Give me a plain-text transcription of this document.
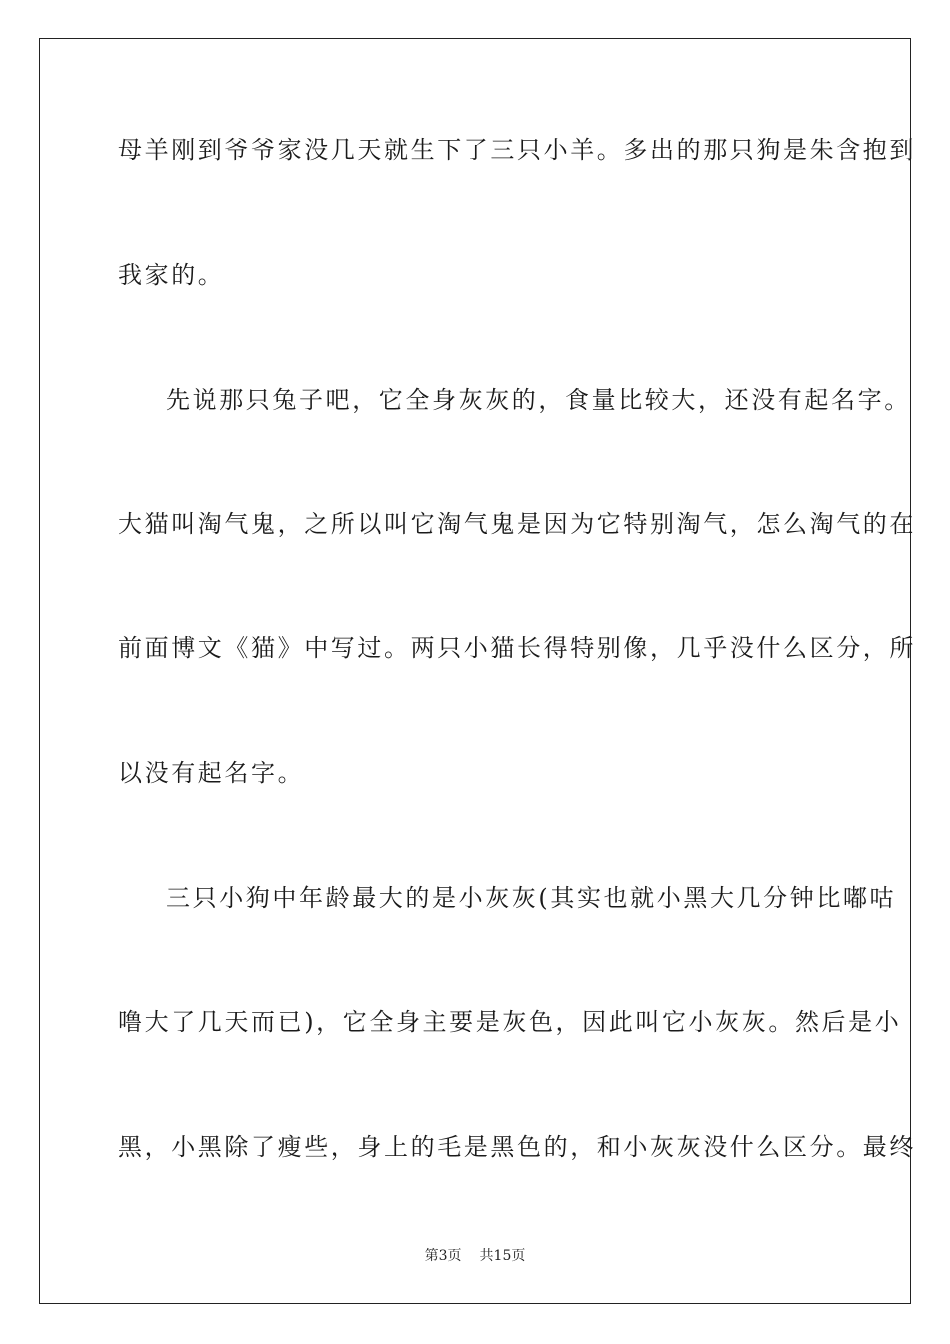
母羊刚到爷爷家没几天就生下了三只小羊。多出的那只狗是朱含抱到
我家的。
先说那只兔子吧，它全身灰灰的，食量比较大，还没有起名字。
大猫叫淘气鬼，之所以叫它淘气鬼是因为它特别淘气，怎么淘气的在
前面博文《猫》中写过。两只小猫长得特别像，几乎没什么区分，所
以没有起名字。
三只小狗中年龄最大的是小灰灰(其实也就小黑大几分钟比嘟咕
噜大了几天而已)，它全身主要是灰色，因此叫它小灰灰。然后是小
黑，小黑除了瘦些，身上的毛是黑色的，和小灰灰没什么区分。最终
第3页 共15页
